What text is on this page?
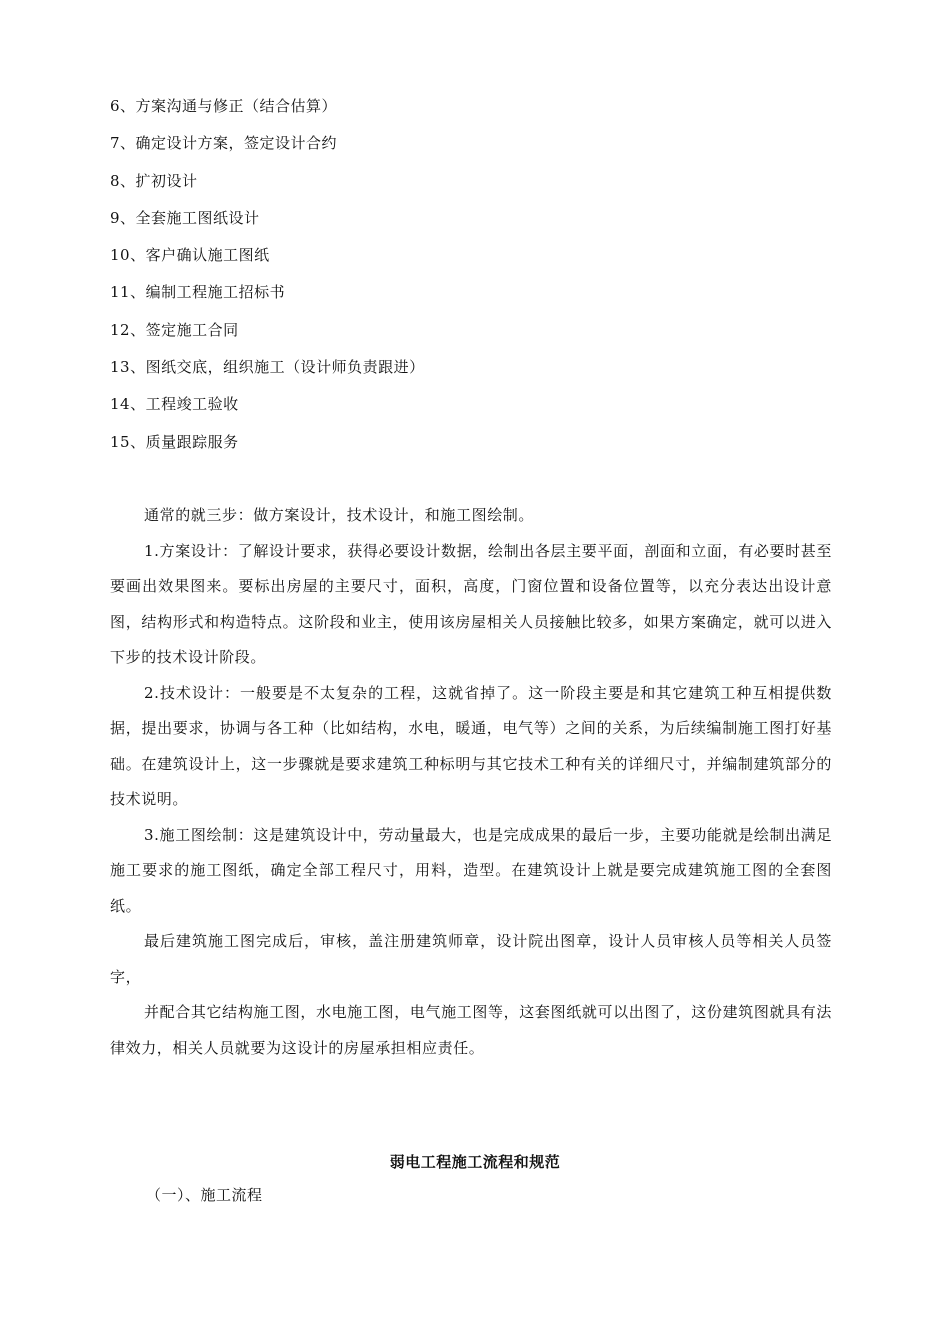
6、方案沟通与修正（结合估算）
7、确定设计方案，签定设计合约
8、扩初设计
9、全套施工图纸设计
10、客户确认施工图纸
11、编制工程施工招标书
12、签定施工合同
13、图纸交底，组织施工（设计师负责跟进）
14、工程竣工验收
15、质量跟踪服务

通常的就三步：做方案设计，技术设计，和施工图绘制。

1.方案设计：了解设计要求，获得必要设计数据，绘制出各层主要平面，剖面和立面，有必要时甚至要画出效果图来。要标出房屋的主要尺寸，面积，高度，门窗位置和设备位置等，以充分表达出设计意图，结构形式和构造特点。这阶段和业主，使用该房屋相关人员接触比较多，如果方案确定，就可以进入下步的技术设计阶段。

2.技术设计：一般要是不太复杂的工程，这就省掉了。这一阶段主要是和其它建筑工种互相提供数据，提出要求，协调与各工种（比如结构，水电，暖通，电气等）之间的关系，为后续编制施工图打好基础。在建筑设计上，这一步骤就是要求建筑工种标明与其它技术工种有关的详细尺寸，并编制建筑部分的技术说明。

3.施工图绘制：这是建筑设计中，劳动量最大，也是完成成果的最后一步，主要功能就是绘制出满足施工要求的施工图纸，确定全部工程尺寸，用料，造型。在建筑设计上就是要完成建筑施工图的全套图纸。

最后建筑施工图完成后，审核，盖注册建筑师章，设计院出图章，设计人员审核人员等相关人员签字，

并配合其它结构施工图，水电施工图，电气施工图等，这套图纸就可以出图了，这份建筑图就具有法律效力，相关人员就要为这设计的房屋承担相应责任。

弱电工程施工流程和规范
（一）、施工流程
